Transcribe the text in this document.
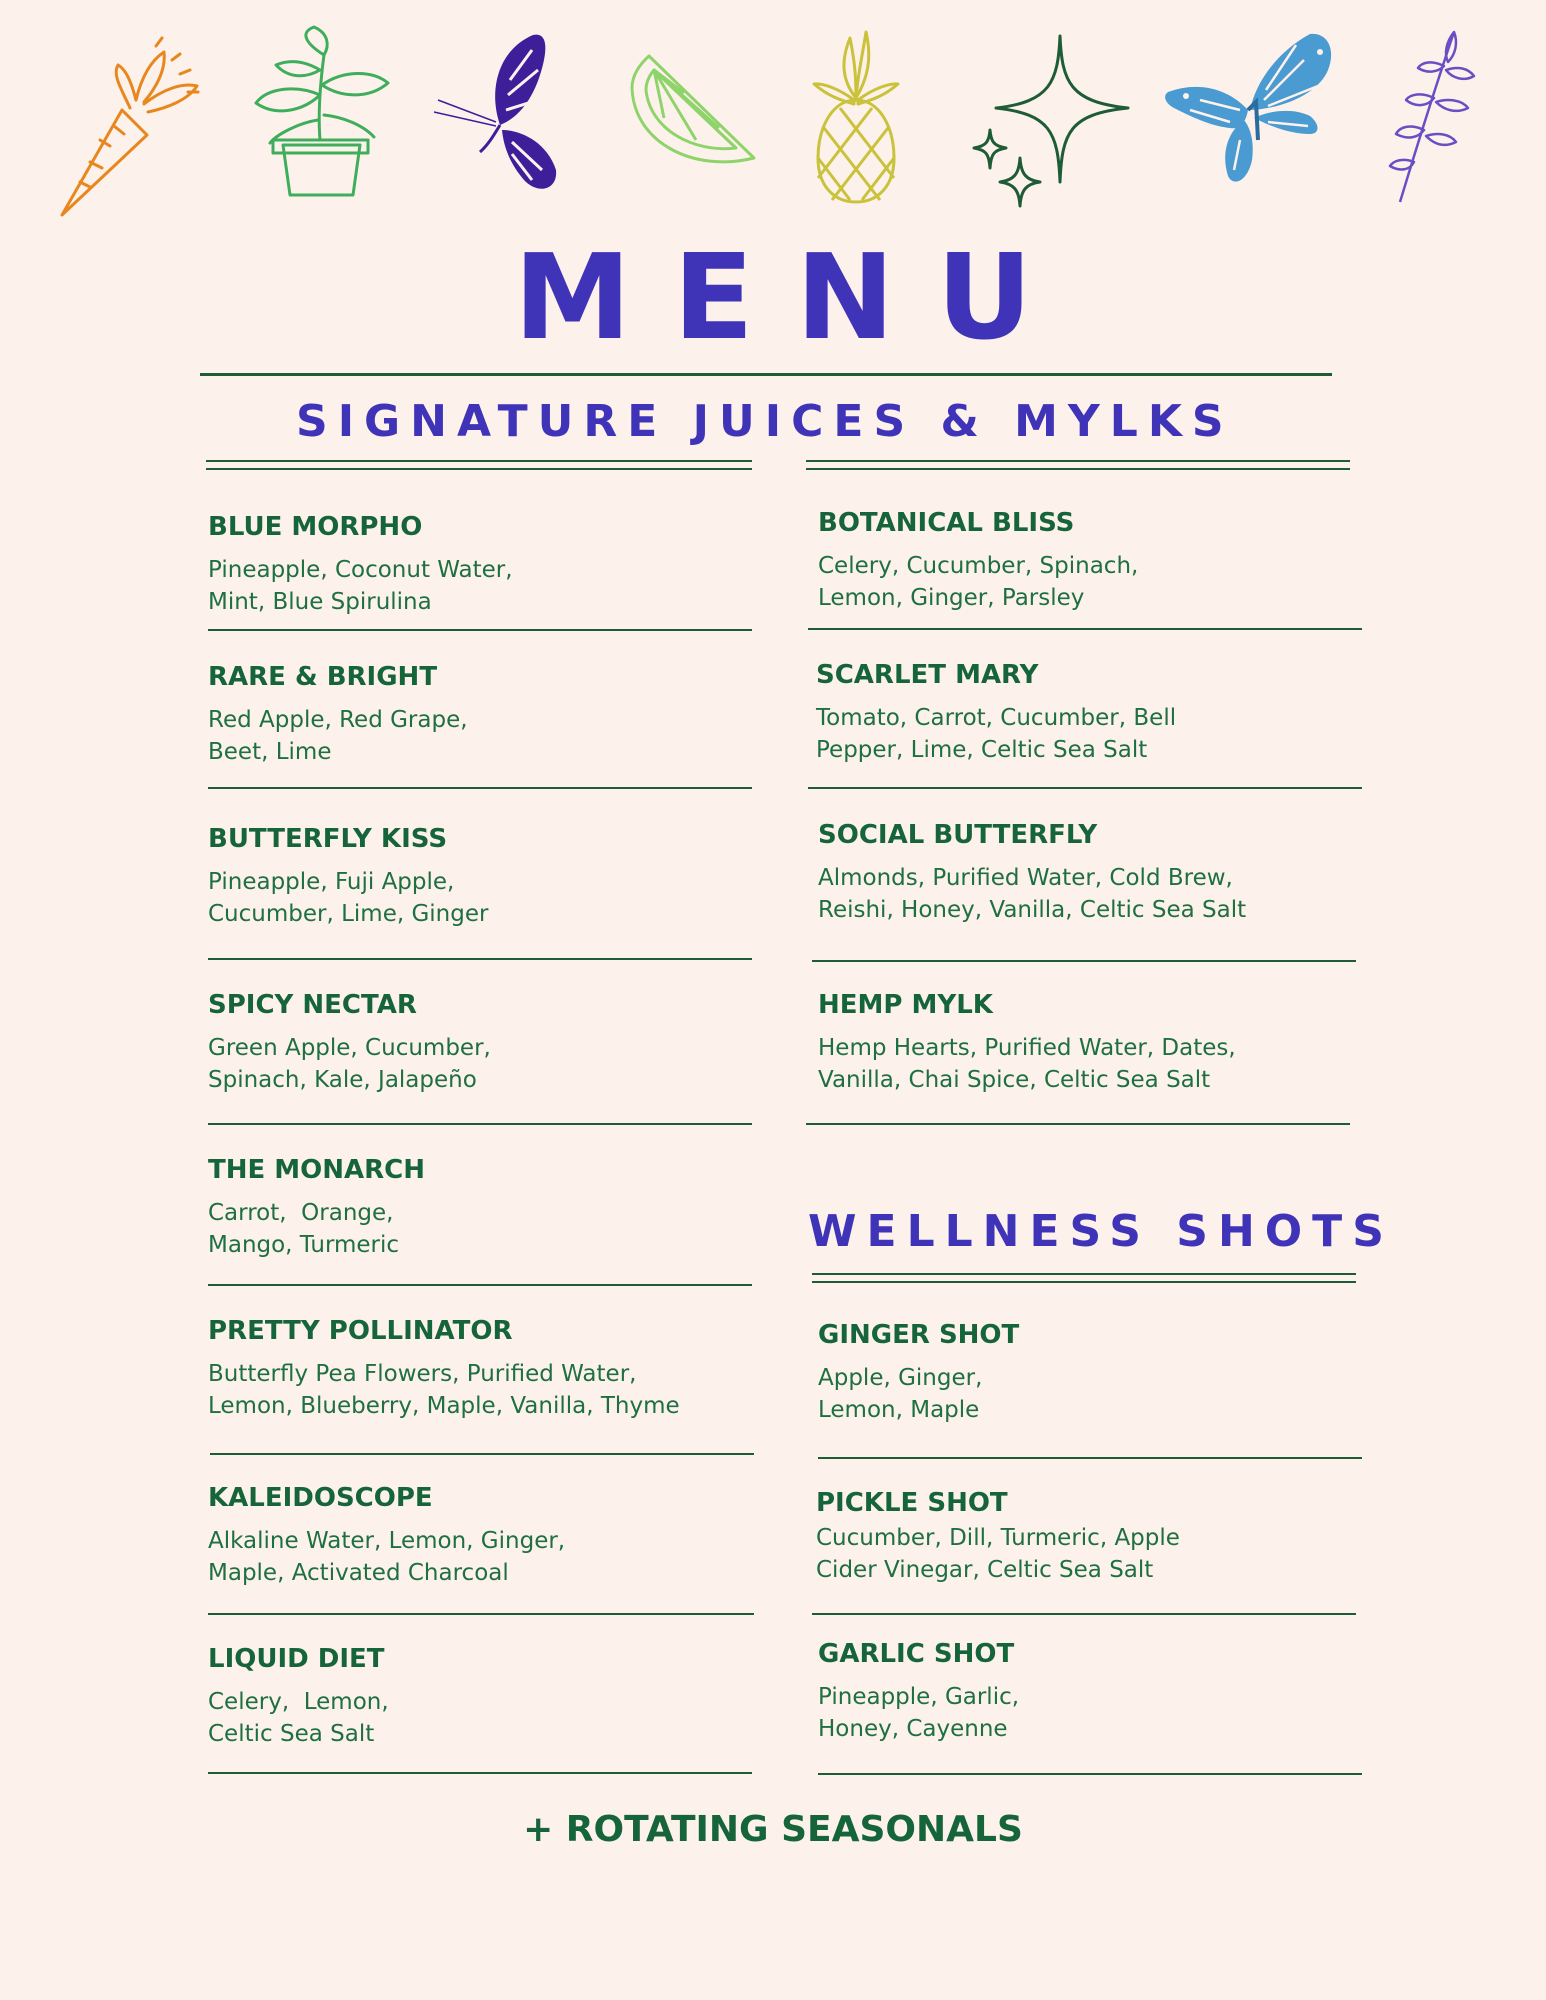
MENU
SIGNATURE JUICES & MYLKS
BLUE MORPHO
Pineapple, Coconut Water, Mint, Blue Spirulina
RARE & BRIGHT
Red Apple, Red Grape, Beet, Lime
BUTTERFLY KISS
Pineapple, Fuji Apple, Cucumber, Lime, Ginger
SPICY NECTAR
Green Apple, Cucumber, Spinach, Kale, Jalapeño
THE MONARCH
Carrot,  Orange, Mango, Turmeric
PRETTY POLLINATOR
Butterfly Pea Flowers, Purified Water, Lemon, Blueberry, Maple, Vanilla, Thyme
KALEIDOSCOPE
Alkaline Water, Lemon, Ginger, Maple, Activated Charcoal
LIQUID DIET
Celery,  Lemon, Celtic Sea Salt
BOTANICAL BLISS
Celery, Cucumber, Spinach, Lemon, Ginger, Parsley
SCARLET MARY
Tomato, Carrot, Cucumber, Bell Pepper, Lime, Celtic Sea Salt
SOCIAL BUTTERFLY
Almonds, Purified Water, Cold Brew, Reishi, Honey, Vanilla, Celtic Sea Salt
HEMP MYLK
Hemp Hearts, Purified Water, Dates, Vanilla, Chai Spice, Celtic Sea Salt
WELLNESS SHOTS
GINGER SHOT
Apple, Ginger, Lemon, Maple
PICKLE SHOT
Cucumber, Dill, Turmeric, Apple Cider Vinegar, Celtic Sea Salt
GARLIC SHOT
Pineapple, Garlic, Honey, Cayenne
+ ROTATING SEASONALS
